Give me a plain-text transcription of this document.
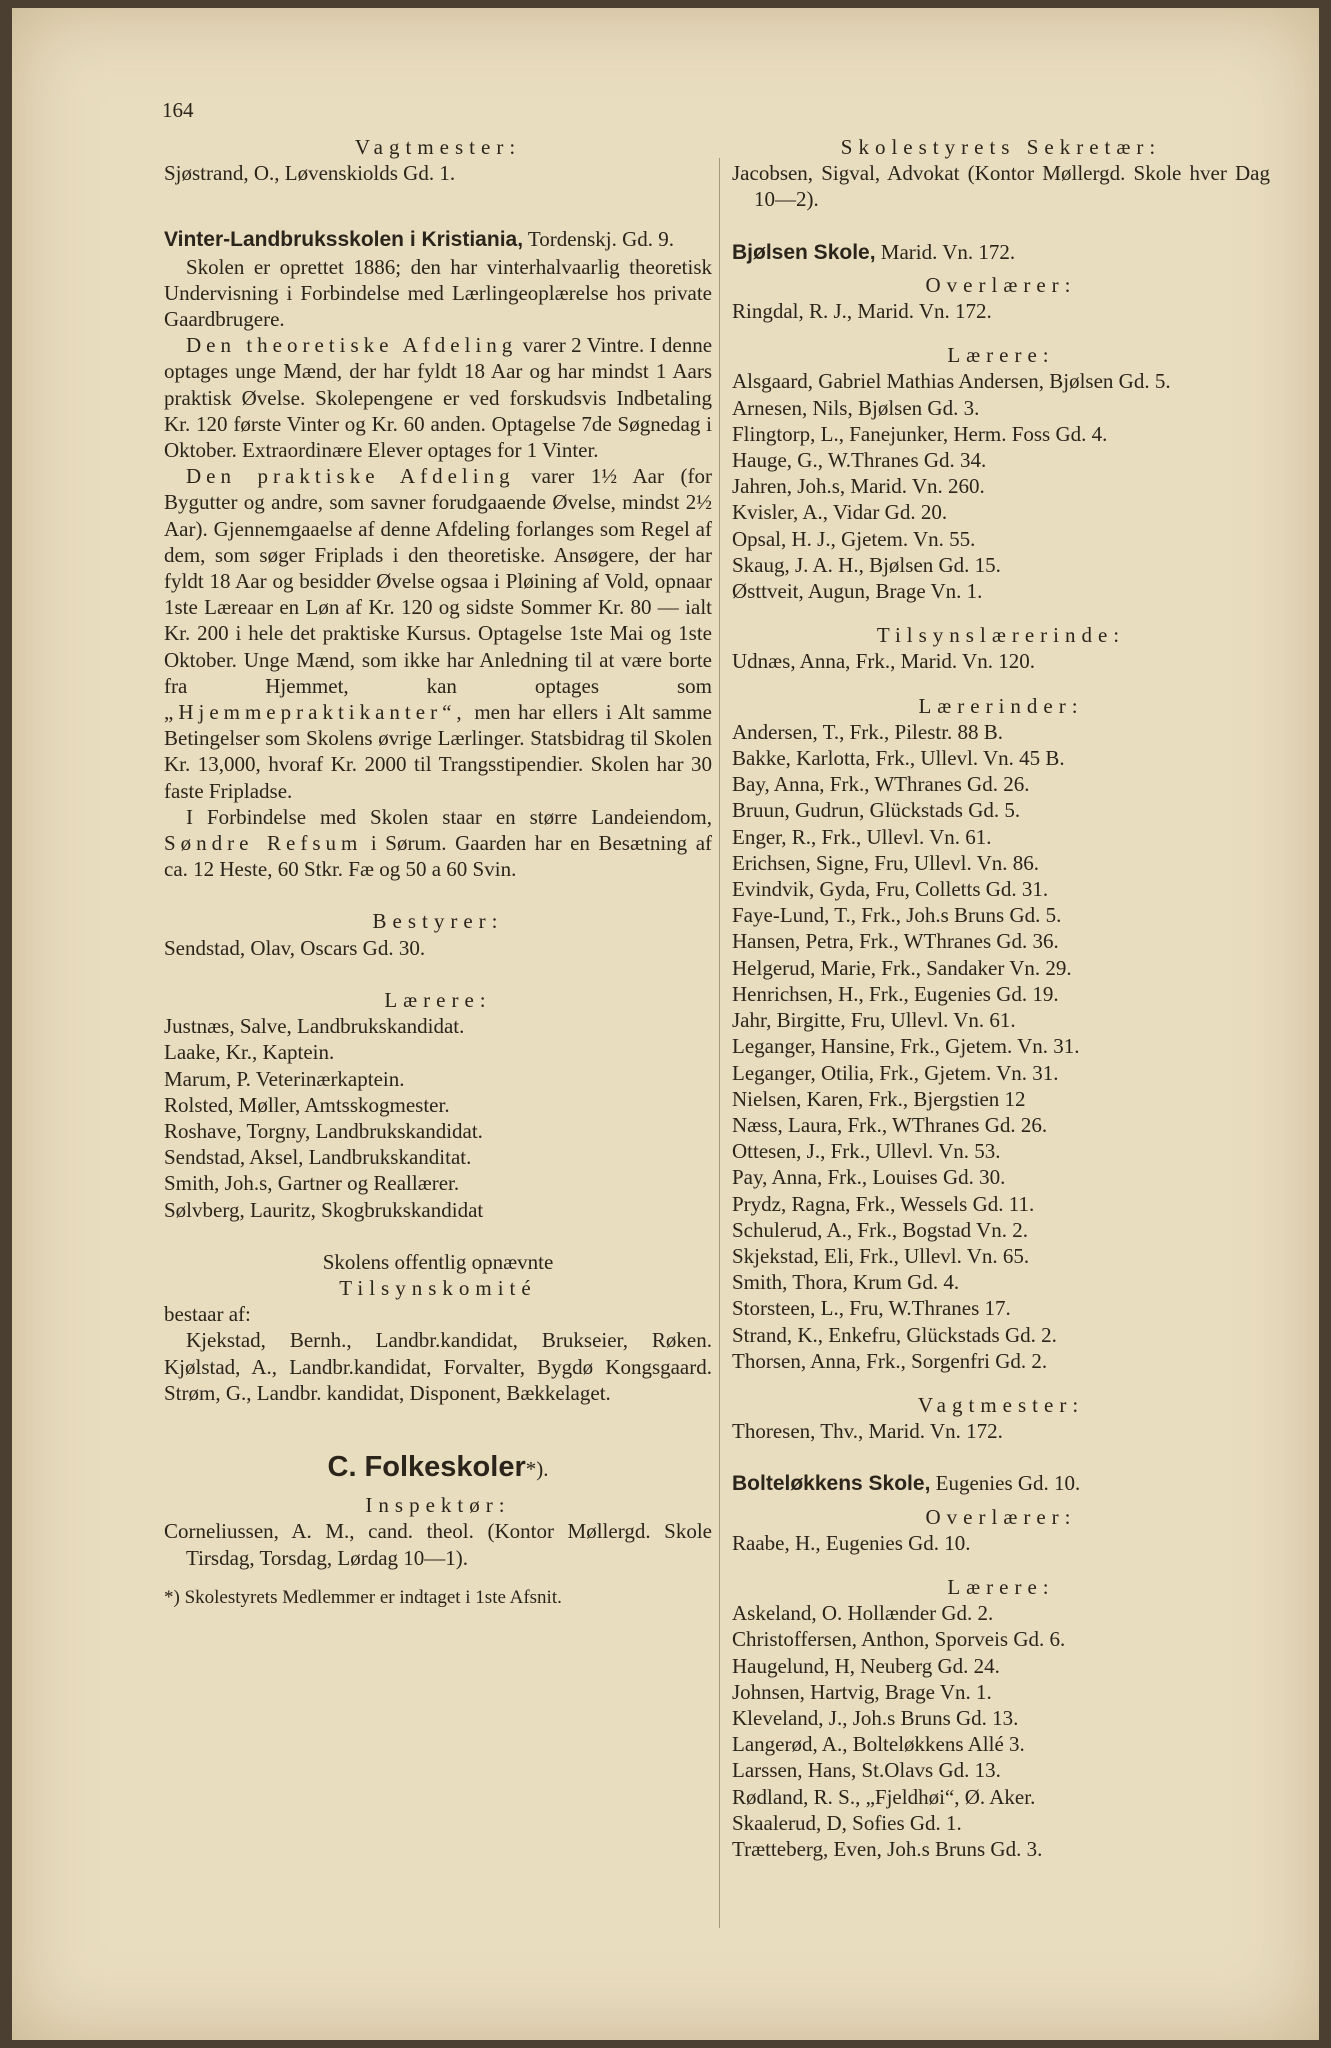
164
Vagtmester:
Sjøstrand, O., Løvenskiolds Gd. 1.
Vinter-Landbruksskolen i Kristiania, Tordenskj. Gd. 9.
Skolen er oprettet 1886; den har vinterhalvaarlig theoretisk Undervisning i Forbindelse med Lærlingeoplærelse hos private Gaardbrugere.
Den theoretiske Afdeling varer 2 Vintre. I denne optages unge Mænd, der har fyldt 18 Aar og har mindst 1 Aars praktisk Øvelse. Skolepengene er ved forskudsvis Indbetaling Kr. 120 første Vinter og Kr. 60 anden. Optagelse 7de Søgnedag i Oktober. Extraordinære Elever optages for 1 Vinter.
Den praktiske Afdeling varer 1½ Aar (for Bygutter og andre, som savner forudgaaende Øvelse, mindst 2½ Aar). Gjennemgaaelse af denne Afdeling forlanges som Regel af dem, som søger Friplads i den theoretiske. Ansøgere, der har fyldt 18 Aar og besidder Øvelse ogsaa i Pløining af Vold, opnaar 1ste Læreaar en Løn af Kr. 120 og sidste Sommer Kr. 80 — ialt Kr. 200 i hele det praktiske Kursus. Optagelse 1ste Mai og 1ste Oktober. Unge Mænd, som ikke har Anledning til at være borte fra Hjemmet, kan optages som „Hjemmepraktikanter“, men har ellers i Alt samme Betingelser som Skolens øvrige Lærlinger. Statsbidrag til Skolen Kr. 13,000, hvoraf Kr. 2000 til Trangsstipendier. Skolen har 30 faste Fripladse.
I Forbindelse med Skolen staar en større Landeiendom, Søndre Refsum i Sørum. Gaarden har en Besætning af ca. 12 Heste, 60 Stkr. Fæ og 50 a 60 Svin.
Bestyrer:
Sendstad, Olav, Oscars Gd. 30.
Lærere:
Justnæs, Salve, Landbrukskandidat.
Laake, Kr., Kaptein.
Marum, P. Veterinærkaptein.
Rolsted, Møller, Amtsskogmester.
Roshave, Torgny, Landbrukskandidat.
Sendstad, Aksel, Landbrukskanditat.
Smith, Joh.s, Gartner og Reallærer.
Sølvberg, Lauritz, Skogbrukskandidat
Skolens offentlig opnævnte
Tilsynskomité
bestaar af:
Kjekstad, Bernh., Landbr.kandidat, Brukseier, Røken. Kjølstad, A., Landbr.kandidat, Forvalter, Bygdø Kongsgaard. Strøm, G., Landbr. kandidat, Disponent, Bækkelaget.
C. Folkeskoler*).
Inspektør:
Corneliussen, A. M., cand. theol. (Kontor Møllergd. Skole Tirsdag, Torsdag, Lørdag 10—1).
*) Skolestyrets Medlemmer er indtaget i 1ste Afsnit.
Skolestyrets Sekretær:
Jacobsen, Sigval, Advokat (Kontor Møllergd. Skole hver Dag 10—2).
Bjølsen Skole, Marid. Vn. 172.
Overlærer:
Ringdal, R. J., Marid. Vn. 172.
Lærere:
Alsgaard, Gabriel Mathias Andersen, Bjølsen Gd. 5.
Arnesen, Nils, Bjølsen Gd. 3.
Flingtorp, L., Fanejunker, Herm. Foss Gd. 4.
Hauge, G., W.Thranes Gd. 34.
Jahren, Joh.s, Marid. Vn. 260.
Kvisler, A., Vidar Gd. 20.
Opsal, H. J., Gjetem. Vn. 55.
Skaug, J. A. H., Bjølsen Gd. 15.
Østtveit, Augun, Brage Vn. 1.
Tilsynslærerinde:
Udnæs, Anna, Frk., Marid. Vn. 120.
Lærerinder:
Andersen, T., Frk., Pilestr. 88 B.
Bakke, Karlotta, Frk., Ullevl. Vn. 45 B.
Bay, Anna, Frk., WThranes Gd. 26.
Bruun, Gudrun, Glückstads Gd. 5.
Enger, R., Frk., Ullevl. Vn. 61.
Erichsen, Signe, Fru, Ullevl. Vn. 86.
Evindvik, Gyda, Fru, Colletts Gd. 31.
Faye-Lund, T., Frk., Joh.s Bruns Gd. 5.
Hansen, Petra, Frk., WThranes Gd. 36.
Helgerud, Marie, Frk., Sandaker Vn. 29.
Henrichsen, H., Frk., Eugenies Gd. 19.
Jahr, Birgitte, Fru, Ullevl. Vn. 61.
Leganger, Hansine, Frk., Gjetem. Vn. 31.
Leganger, Otilia, Frk., Gjetem. Vn. 31.
Nielsen, Karen, Frk., Bjergstien 12
Næss, Laura, Frk., WThranes Gd. 26.
Ottesen, J., Frk., Ullevl. Vn. 53.
Pay, Anna, Frk., Louises Gd. 30.
Prydz, Ragna, Frk., Wessels Gd. 11.
Schulerud, A., Frk., Bogstad Vn. 2.
Skjekstad, Eli, Frk., Ullevl. Vn. 65.
Smith, Thora, Krum Gd. 4.
Storsteen, L., Fru, W.Thranes 17.
Strand, K., Enkefru, Glückstads Gd. 2.
Thorsen, Anna, Frk., Sorgenfri Gd. 2.
Vagtmester:
Thoresen, Thv., Marid. Vn. 172.
Bolteløkkens Skole, Eugenies Gd. 10.
Overlærer:
Raabe, H., Eugenies Gd. 10.
Lærere:
Askeland, O. Hollænder Gd. 2.
Christoffersen, Anthon, Sporveis Gd. 6.
Haugelund, H, Neuberg Gd. 24.
Johnsen, Hartvig, Brage Vn. 1.
Kleveland, J., Joh.s Bruns Gd. 13.
Langerød, A., Bolteløkkens Allé 3.
Larssen, Hans, St.Olavs Gd. 13.
Rødland, R. S., „Fjeldhøi“, Ø. Aker.
Skaalerud, D, Sofies Gd. 1.
Trætteberg, Even, Joh.s Bruns Gd. 3.
